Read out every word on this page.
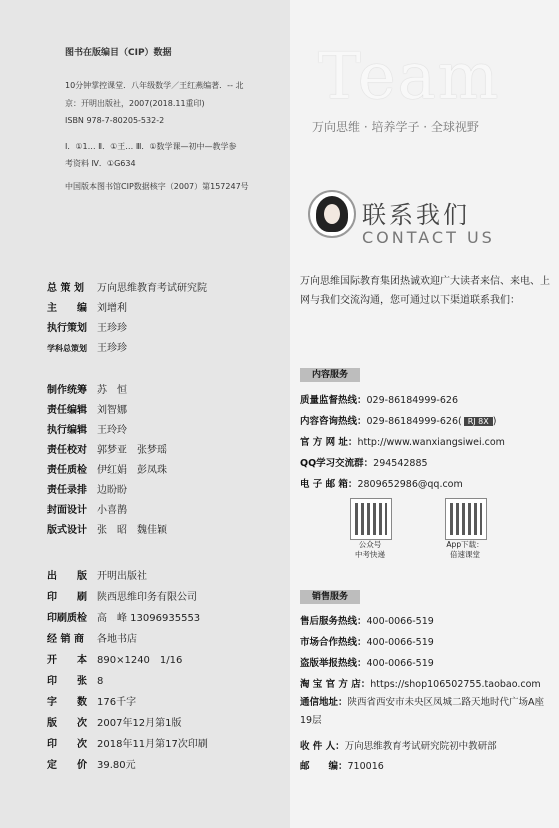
图书在版编目（CIP）数据
10分钟掌控课堂．八年级数学／王红燕编著．-- 北
京：开明出版社，2007(2018.11重印)
ISBN 978-7-80205-532-2
Ⅰ．①1… Ⅱ．①王… Ⅲ．①数学课—初中—教学参
考资料 Ⅳ．①G634
中国版本图书馆CIP数据核字（2007）第157247号
总 策 划 万向思维教育考试研究院
主　　编 刘增利
执行策划 王珍珍
学科总策划 王珍珍
制作统筹 苏　恒
责任编辑 刘智娜
执行编辑 王玲玲
责任校对 郭梦亚　张梦瑶
责任质检 伊红娟　彭凤珠
责任录排 边盼盼
封面设计 小喜鹊
版式设计 张　昭　魏佳颖
出　　版 开明出版社
印　　刷 陕西思维印务有限公司
印刷质检 高　峰 13096935553
经 销 商 各地书店
开　　本 890×1240　1/16
印　　张 8
字　　数 176千字
版　　次 2007年12月第1版
印　　次 2018年11月第17次印刷
定　　价 39.80元
Team
万向思维 · 培养学子 · 全球视野
联系我们
CONTACT US
万向思维国际教育集团热诚欢迎广大读者来信、来电、上网与我们交流沟通，您可通过以下渠道联系我们：
内容服务
质量监督热线：029-86184999-626
内容咨询热线：029-86184999-626( RJ 8X )
官 方 网 址：http://www.wanxiangsiwei.com
QQ学习交流群：294542885
电 子 邮 箱：2809652986@qq.com
公众号
中考快递
App下载：
倍速课堂
销售服务
售后服务热线：400-0066-519
市场合作热线：400-0066-519
盗版举报热线：400-0066-519
淘 宝 官 方 店：https://shop106502755.taobao.com
通信地址：陕西省西安市未央区凤城二路天地时代广场A座19层
收 件 人：万向思维教育考试研究院初中教研部
邮　　编：710016
